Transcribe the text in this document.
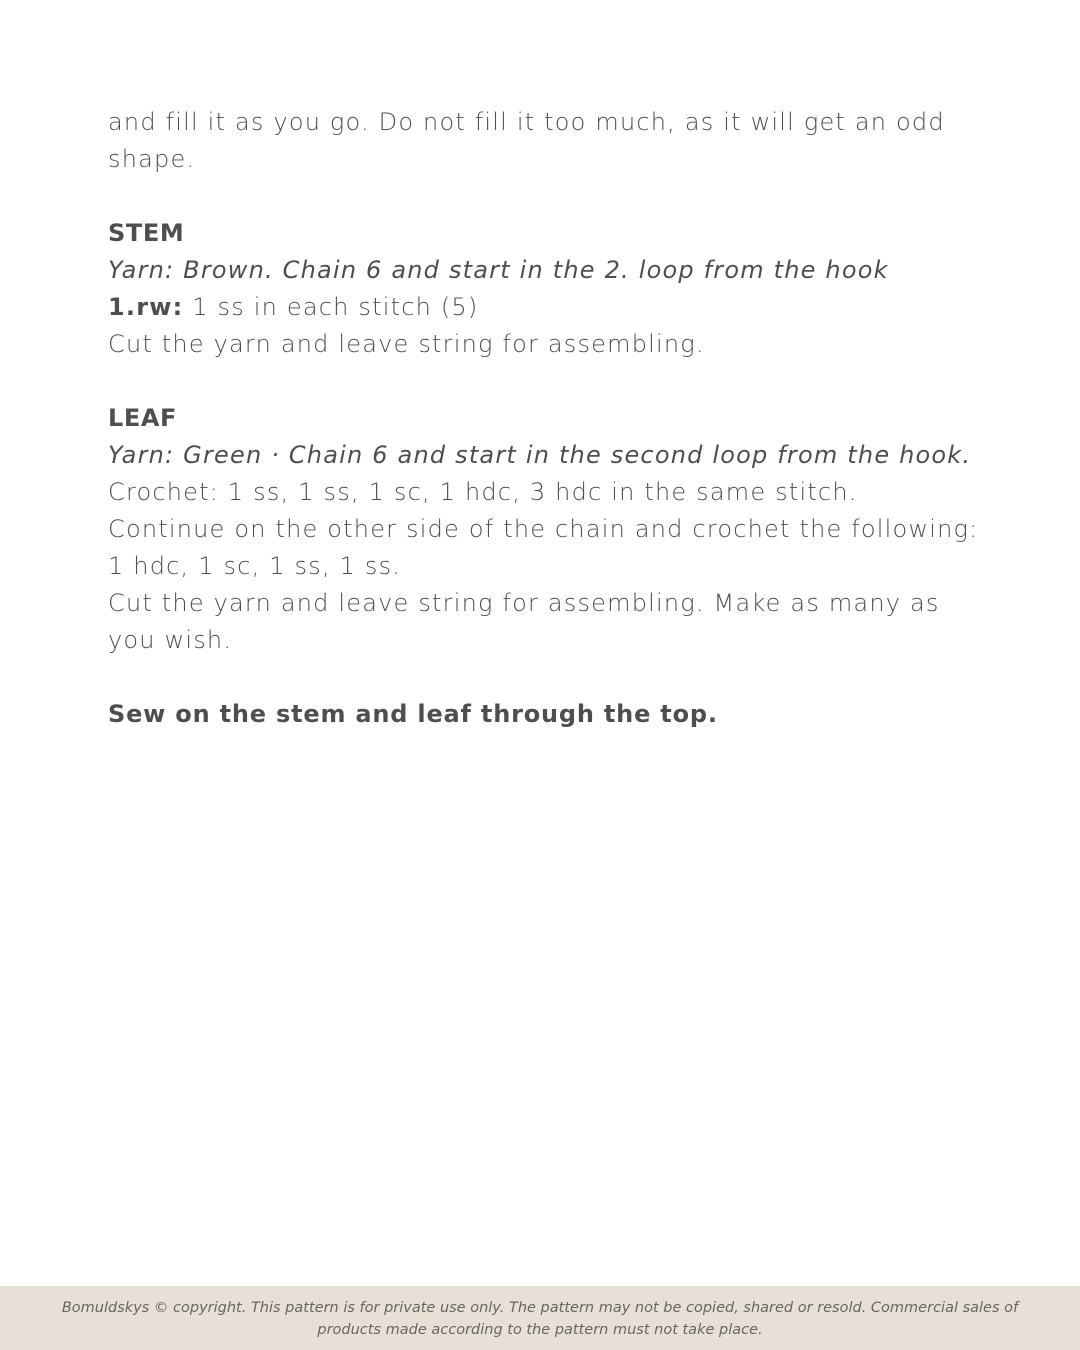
and fill it as you go. Do not fill it too much, as it will get an odd shape.

STEM

Yarn: Brown. Chain 6 and start in the 2. loop from the hook

1.rw: 1 ss in each stitch (5)

Cut the yarn and leave string for assembling.

LEAF

Yarn: Green · Chain 6 and start in the second loop from the hook.

Crochet: 1 ss, 1 ss, 1 sc, 1 hdc, 3 hdc in the same stitch.

Continue on the other side of the chain and crochet the following: 1 hdc, 1 sc, 1 ss, 1 ss.

Cut the yarn and leave string for assembling. Make as many as you wish.

Sew on the stem and leaf through the top.

Bomuldskys © copyright. This pattern is for private use only. The pattern may not be copied, shared or resold. Commercial sales of products made according to the pattern must not take place.
